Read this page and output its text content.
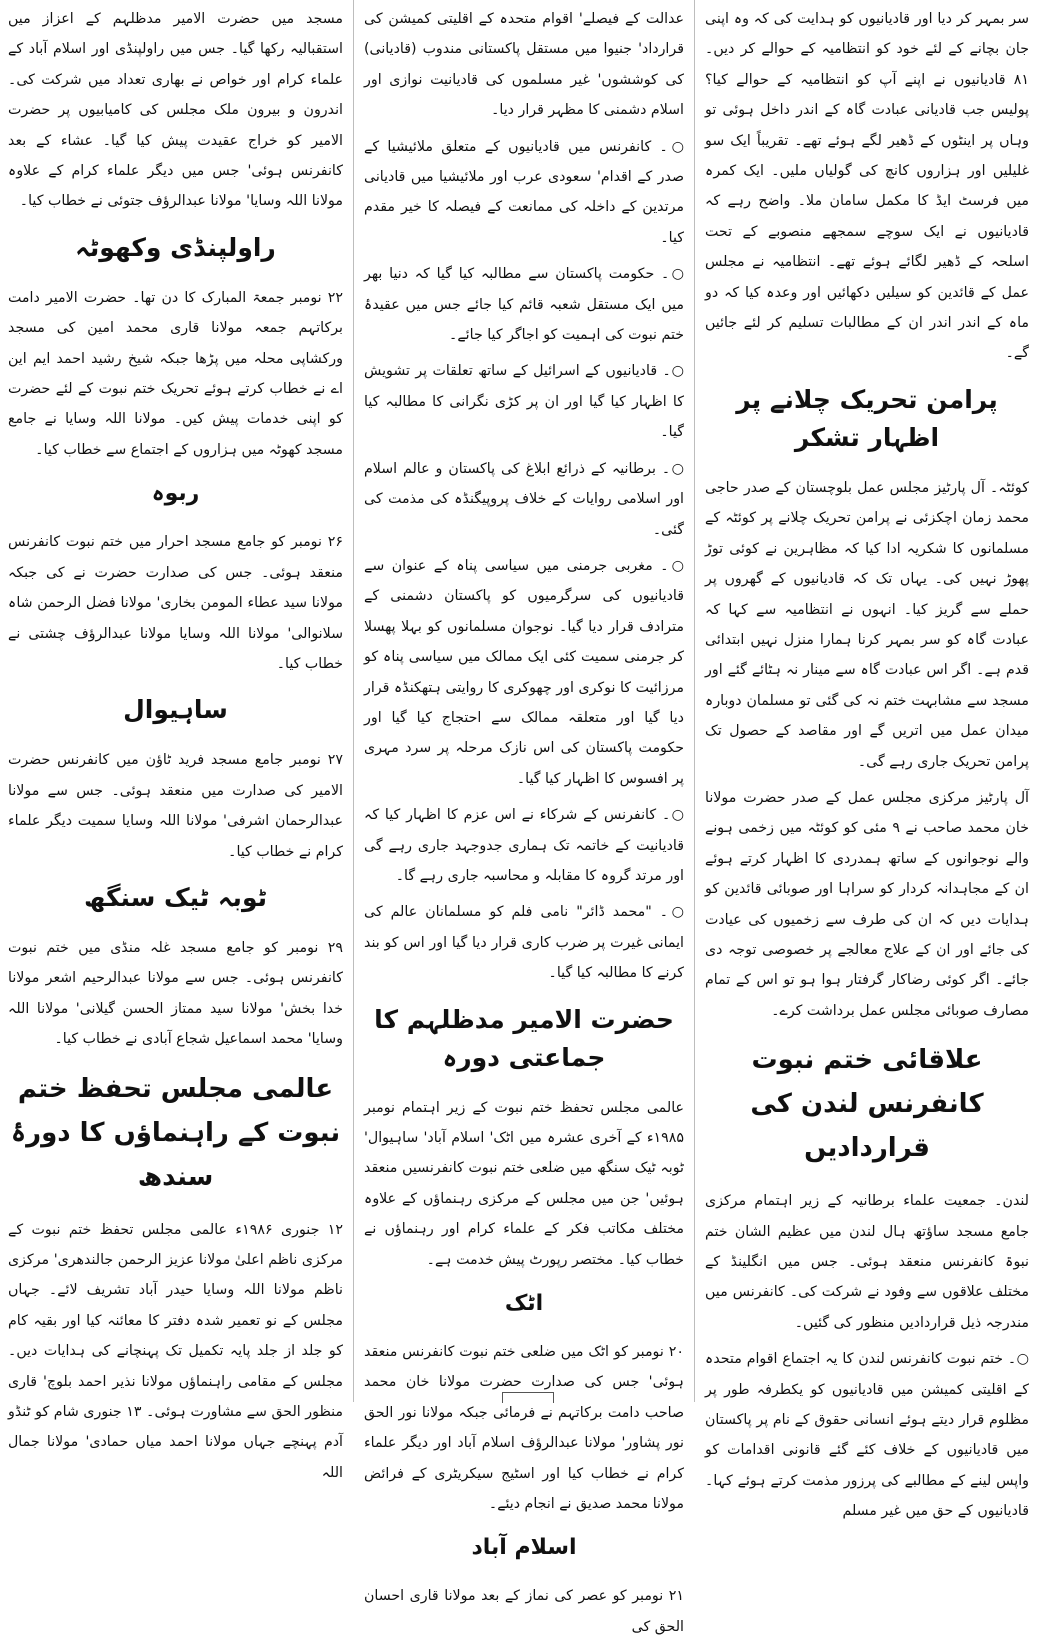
سر بمہر کر دیا اور قادیانیوں کو ہدایت کی کہ وہ اپنی جان بچانے کے لئے خود کو انتظامیہ کے حوالے کر دیں۔ ۸۱ قادیانیوں نے اپنے آپ کو انتظامیہ کے حوالے کیا؟ پولیس جب قادیانی عبادت گاہ کے اندر داخل ہوئی تو وہاں پر اینٹوں کے ڈھیر لگے ہوئے تھے۔ تقریباً ایک سو غلیلیں اور ہزاروں کانچ کی گولیاں ملیں۔ ایک کمرہ میں فرسٹ ایڈ کا مکمل سامان ملا۔ واضح رہے کہ قادیانیوں نے ایک سوچے سمجھے منصوبے کے تحت اسلحہ کے ڈھیر لگائے ہوئے تھے۔ انتظامیہ نے مجلس عمل کے قائدین کو سیلیں دکھائیں اور وعدہ کیا کہ دو ماہ کے اندر اندر ان کے مطالبات تسلیم کر لئے جائیں گے۔

پرامن تحریک چلانے پر اظہار تشکر

کوئٹہ۔ آل پارٹیز مجلس عمل بلوچستان کے صدر حاجی محمد زمان اچکزئی نے پرامن تحریک چلانے پر کوئٹہ کے مسلمانوں کا شکریہ ادا کیا کہ مظاہرین نے کوئی توڑ پھوڑ نہیں کی۔ یہاں تک کہ قادیانیوں کے گھروں پر حملے سے گریز کیا۔ انہوں نے انتظامیہ سے کہا کہ عبادت گاہ کو سر بمہر کرنا ہمارا منزل نہیں ابتدائی قدم ہے۔ اگر اس عبادت گاہ سے مینار نہ ہٹائے گئے اور مسجد سے مشابہت ختم نہ کی گئی تو مسلمان دوبارہ میدان عمل میں اتریں گے اور مقاصد کے حصول تک پرامن تحریک جاری رہے گی۔

آل پارٹیز مرکزی مجلس عمل کے صدر حضرت مولانا خان محمد صاحب نے ۹ مئی کو کوئٹہ میں زخمی ہونے والے نوجوانوں کے ساتھ ہمدردی کا اظہار کرتے ہوئے ان کے مجاہدانہ کردار کو سراہا اور صوبائی قائدین کو ہدایات دیں کہ ان کی طرف سے زخمیوں کی عیادت کی جائے اور ان کے علاج معالجے پر خصوصی توجہ دی جائے۔ اگر کوئی رضاکار گرفتار ہوا ہو تو اس کے تمام مصارف صوبائی مجلس عمل برداشت کرے۔

علاقائی ختم نبوت کانفرنس لندن کی قراردادیں

لندن۔ جمعیت علماء برطانیہ کے زیر اہتمام مرکزی جامع مسجد ساؤتھ ہال لندن میں عظیم الشان ختم نبوۃ کانفرنس منعقد ہوئی۔ جس میں انگلینڈ کے مختلف علاقوں سے وفود نے شرکت کی۔ کانفرنس میں مندرجہ ذیل قراردادیں منظور کی گئیں۔

○۔ ختم نبوت کانفرنس لندن کا یہ اجتماع اقوام متحدہ کے اقلیتی کمیشن میں قادیانیوں کو یکطرفہ طور پر مظلوم قرار دیتے ہوئے انسانی حقوق کے نام پر پاکستان میں قادیانیوں کے خلاف کئے گئے قانونی اقدامات کو واپس لینے کے مطالبے کی پرزور مذمت کرتے ہوئے کہا۔ قادیانیوں کے حق میں غیر مسلم

عدالت کے فیصلے' اقوام متحدہ کے اقلیتی کمیشن کی قرارداد' جنیوا میں مستقل پاکستانی مندوب (قادیانی) کی کوششوں' غیر مسلموں کی قادیانیت نوازی اور اسلام دشمنی کا مظہر قرار دیا۔

○۔ کانفرنس میں قادیانیوں کے متعلق ملائیشیا کے صدر کے اقدام' سعودی عرب اور ملائیشیا میں قادیانی مرتدین کے داخلہ کی ممانعت کے فیصلہ کا خیر مقدم کیا۔

○۔ حکومت پاکستان سے مطالبہ کیا گیا کہ دنیا بھر میں ایک مستقل شعبہ قائم کیا جائے جس میں عقیدۂ ختم نبوت کی اہمیت کو اجاگر کیا جائے۔

○۔ قادیانیوں کے اسرائیل کے ساتھ تعلقات پر تشویش کا اظہار کیا گیا اور ان پر کڑی نگرانی کا مطالبہ کیا گیا۔

○۔ برطانیہ کے ذرائع ابلاغ کی پاکستان و عالم اسلام اور اسلامی روایات کے خلاف پروپیگنڈہ کی مذمت کی گئی۔

○۔ مغربی جرمنی میں سیاسی پناہ کے عنوان سے قادیانیوں کی سرگرمیوں کو پاکستان دشمنی کے مترادف قرار دیا گیا۔ نوجوان مسلمانوں کو بہلا پھسلا کر جرمنی سمیت کئی ایک ممالک میں سیاسی پناہ کو مرزائیت کا نوکری اور چھوکری کا روایتی ہتھکنڈہ قرار دیا گیا اور متعلقہ ممالک سے احتجاج کیا گیا اور حکومت پاکستان کی اس نازک مرحلہ پر سرد مہری پر افسوس کا اظہار کیا گیا۔

○۔ کانفرنس کے شرکاء نے اس عزم کا اظہار کیا کہ قادیانیت کے خاتمہ تک ہماری جدوجہد جاری رہے گی اور مرتد گروہ کا مقابلہ و محاسبہ جاری رہے گا۔

○۔ "محمد ڈائر" نامی فلم کو مسلمانان عالم کی ایمانی غیرت پر ضرب کاری قرار دیا گیا اور اس کو بند کرنے کا مطالبہ کیا گیا۔

حضرت الامیر مدظلہم کا جماعتی دورہ

عالمی مجلس تحفظ ختم نبوت کے زیر اہتمام نومبر ۱۹۸۵ء کے آخری عشرہ میں اٹک' اسلام آباد' ساہیوال' ٹوبہ ٹیک سنگھ میں ضلعی ختم نبوت کانفرنسیں منعقد ہوئیں' جن میں مجلس کے مرکزی رہنماؤں کے علاوہ مختلف مکاتب فکر کے علماء کرام اور رہنماؤں نے خطاب کیا۔ مختصر رپورٹ پیش خدمت ہے۔

اٹک

۲۰ نومبر کو اٹک میں ضلعی ختم نبوت کانفرنس منعقد ہوئی' جس کی صدارت حضرت مولانا خان محمد صاحب دامت برکاتہم نے فرمائی جبکہ مولانا نور الحق نور پشاور' مولانا عبدالرؤف اسلام آباد اور دیگر علماء کرام نے خطاب کیا اور اسٹیج سیکریٹری کے فرائض مولانا محمد صدیق نے انجام دیئے۔

اسلام آباد

۲۱ نومبر کو عصر کی نماز کے بعد مولانا قاری احسان الحق کی

مسجد میں حضرت الامیر مدظلہم کے اعزاز میں استقبالیہ رکھا گیا۔ جس میں راولپنڈی اور اسلام آباد کے علماء کرام اور خواص نے بھاری تعداد میں شرکت کی۔ اندرون و بیرون ملک مجلس کی کامیابیوں پر حضرت الامیر کو خراج عقیدت پیش کیا گیا۔ عشاء کے بعد کانفرنس ہوئی' جس میں دیگر علماء کرام کے علاوہ مولانا اللہ وسایا' مولانا عبدالرؤف جتوئی نے خطاب کیا۔

راولپنڈی وکھوٹہ

۲۲ نومبر جمعۃ المبارک کا دن تھا۔ حضرت الامیر دامت برکاتہم جمعہ مولانا قاری محمد امین کی مسجد ورکشاپی محلہ میں پڑھا جبکہ شیخ رشید احمد ایم این اے نے خطاب کرتے ہوئے تحریک ختم نبوت کے لئے حضرت کو اپنی خدمات پیش کیں۔ مولانا اللہ وسایا نے جامع مسجد کھوٹہ میں ہزاروں کے اجتماع سے خطاب کیا۔

ربوہ

۲۶ نومبر کو جامع مسجد احرار میں ختم نبوت کانفرنس منعقد ہوئی۔ جس کی صدارت حضرت نے کی جبکہ مولانا سید عطاء المومن بخاری' مولانا فضل الرحمن شاہ سلانوالی' مولانا اللہ وسایا مولانا عبدالرؤف چشتی نے خطاب کیا۔

ساہیوال

۲۷ نومبر جامع مسجد فرید ٹاؤن میں کانفرنس حضرت الامیر کی صدارت میں منعقد ہوئی۔ جس سے مولانا عبدالرحمان اشرفی' مولانا اللہ وسایا سمیت دیگر علماء کرام نے خطاب کیا۔

ٹوبہ ٹیک سنگھ

۲۹ نومبر کو جامع مسجد غلہ منڈی میں ختم نبوت کانفرنس ہوئی۔ جس سے مولانا عبدالرحیم اشعر مولانا خدا بخش' مولانا سید ممتاز الحسن گیلانی' مولانا اللہ وسایا' محمد اسماعیل شجاع آبادی نے خطاب کیا۔

عالمی مجلس تحفظ ختم نبوت کے راہنماؤں کا دورۂ سندھ

۱۲ جنوری ۱۹۸۶ء عالمی مجلس تحفظ ختم نبوت کے مرکزی ناظم اعلیٰ مولانا عزیز الرحمن جالندھری' مرکزی ناظم مولانا اللہ وسایا حیدر آباد تشریف لائے۔ جہاں مجلس کے نو تعمیر شدہ دفتر کا معائنہ کیا اور بقیہ کام کو جلد از جلد پایہ تکمیل تک پہنچانے کی ہدایات دیں۔ مجلس کے مقامی راہنماؤں مولانا نذیر احمد بلوچ' قاری منظور الحق سے مشاورت ہوئی۔ ۱۳ جنوری شام کو ٹنڈو آدم پہنچے جہاں مولانا احمد میاں حمادی' مولانا جمال اللہ
